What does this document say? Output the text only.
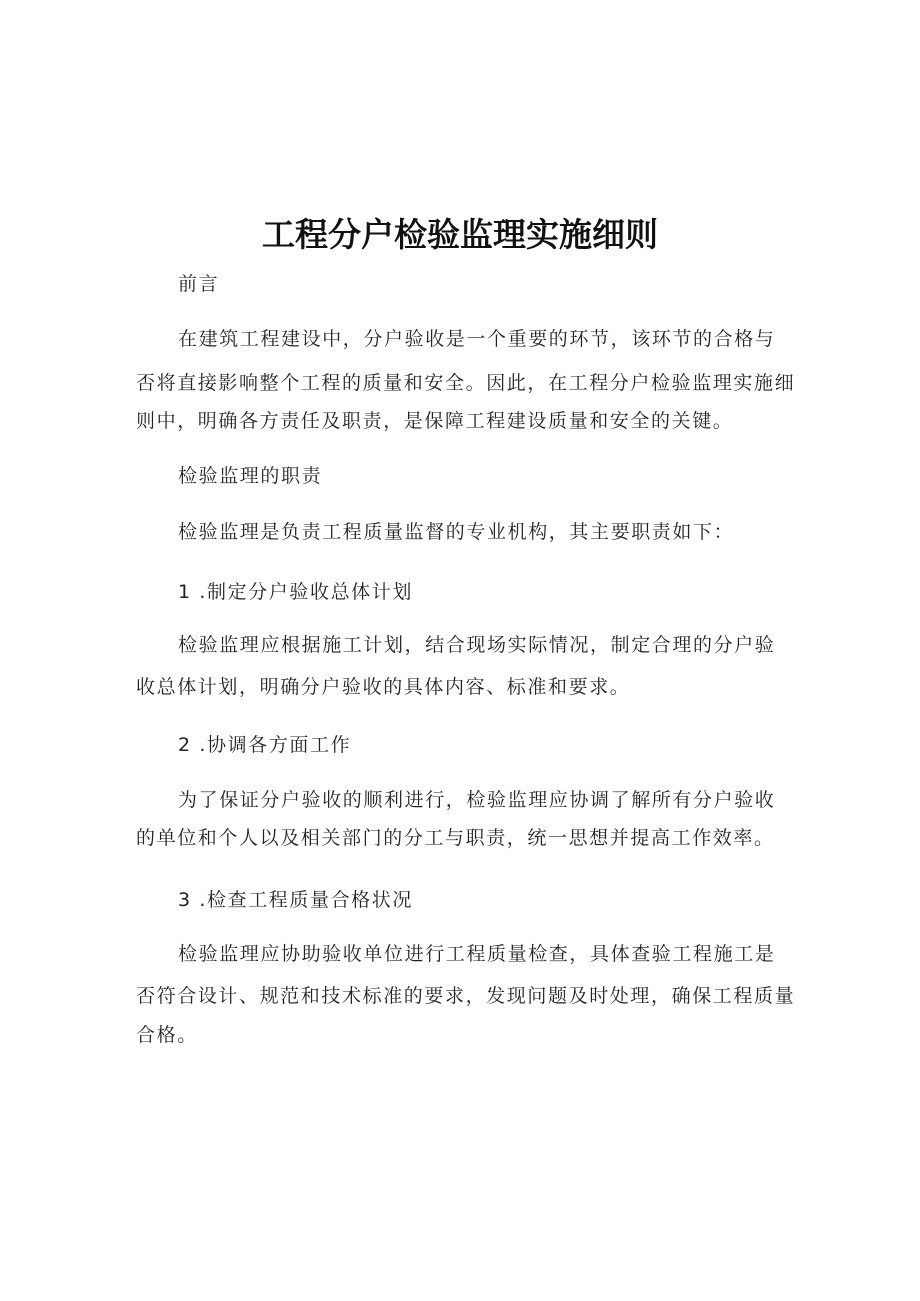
工程分户检验监理实施细则
前言
在建筑工程建设中，分户验收是一个重要的环节，该环节的合格与
否将直接影响整个工程的质量和安全。因此，在工程分户检验监理实施细
则中，明确各方责任及职责，是保障工程建设质量和安全的关键。
检验监理的职责
检验监理是负责工程质量监督的专业机构，其主要职责如下：
1 .制定分户验收总体计划
检验监理应根据施工计划，结合现场实际情况，制定合理的分户验
收总体计划，明确分户验收的具体内容、标准和要求。
2 .协调各方面工作
为了保证分户验收的顺利进行，检验监理应协调了解所有分户验收
的单位和个人以及相关部门的分工与职责，统一思想并提高工作效率。
3 .检查工程质量合格状况
检验监理应协助验收单位进行工程质量检查，具体查验工程施工是
否符合设计、规范和技术标准的要求，发现问题及时处理，确保工程质量
合格。
